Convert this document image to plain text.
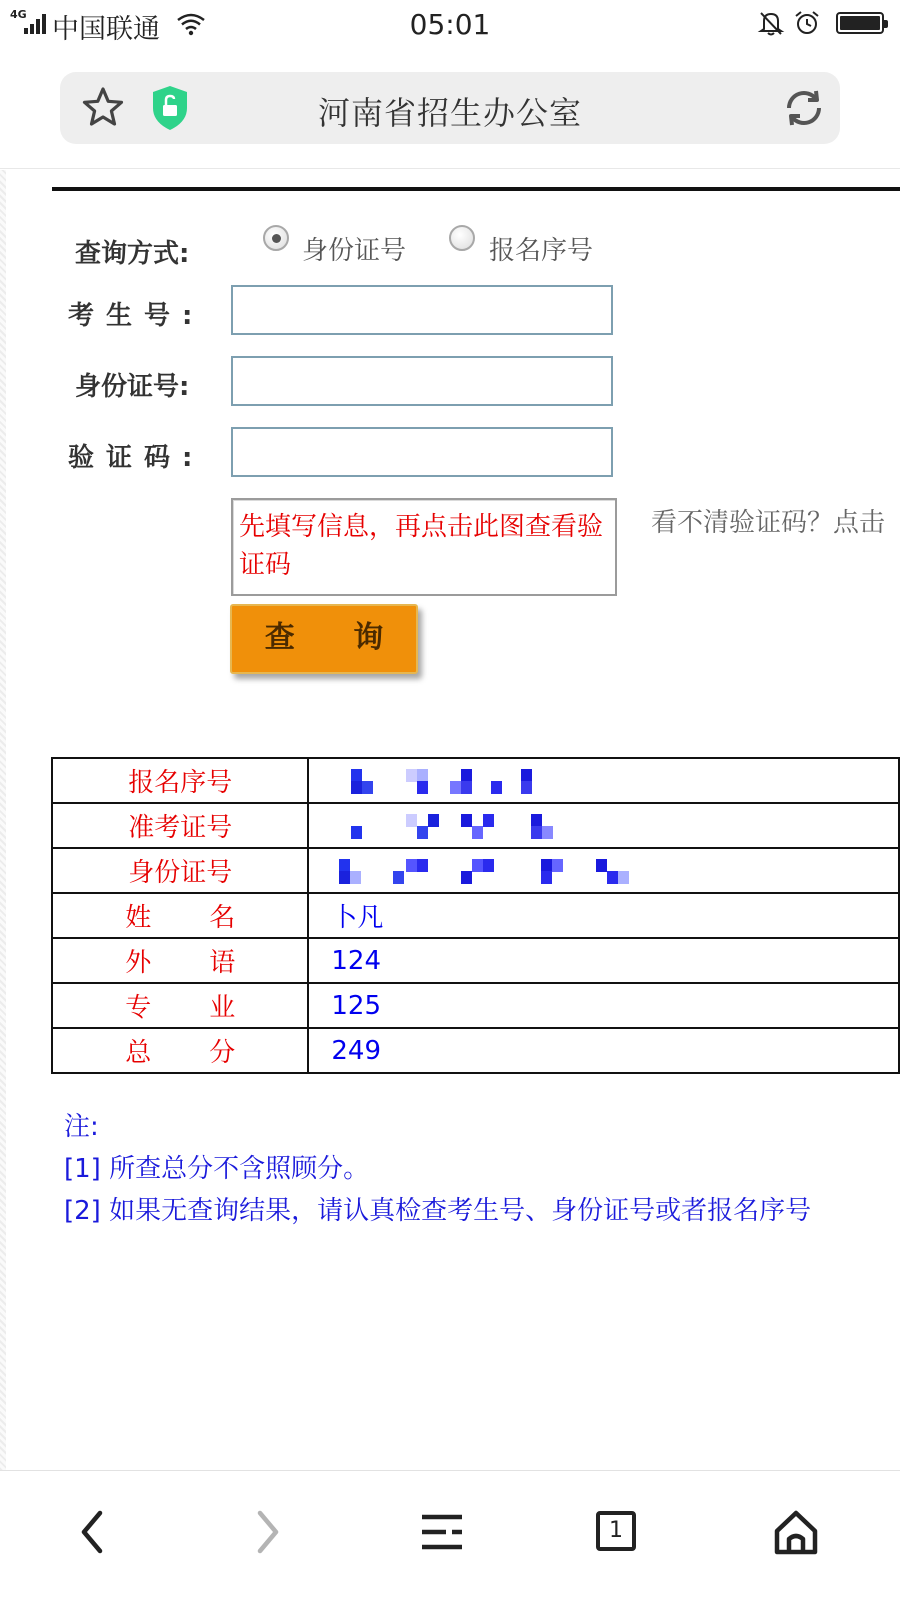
4G 中国联通	05:01
河南省招生办公室
查询方式:	身份证号	报名序号
考生号:
身份证号:
验证码:
先填写信息，再点击此图查看验证码
看不清验证码？点击
查 询
报名序号	

准考证号	

身份证号	

姓名	卜凡
外语	124
专业	125
总分	249
注:
[1] 所查总分不含照顾分。
[2] 如果无查询结果，请认真检查考生号、身份证号或者报名序号
1
